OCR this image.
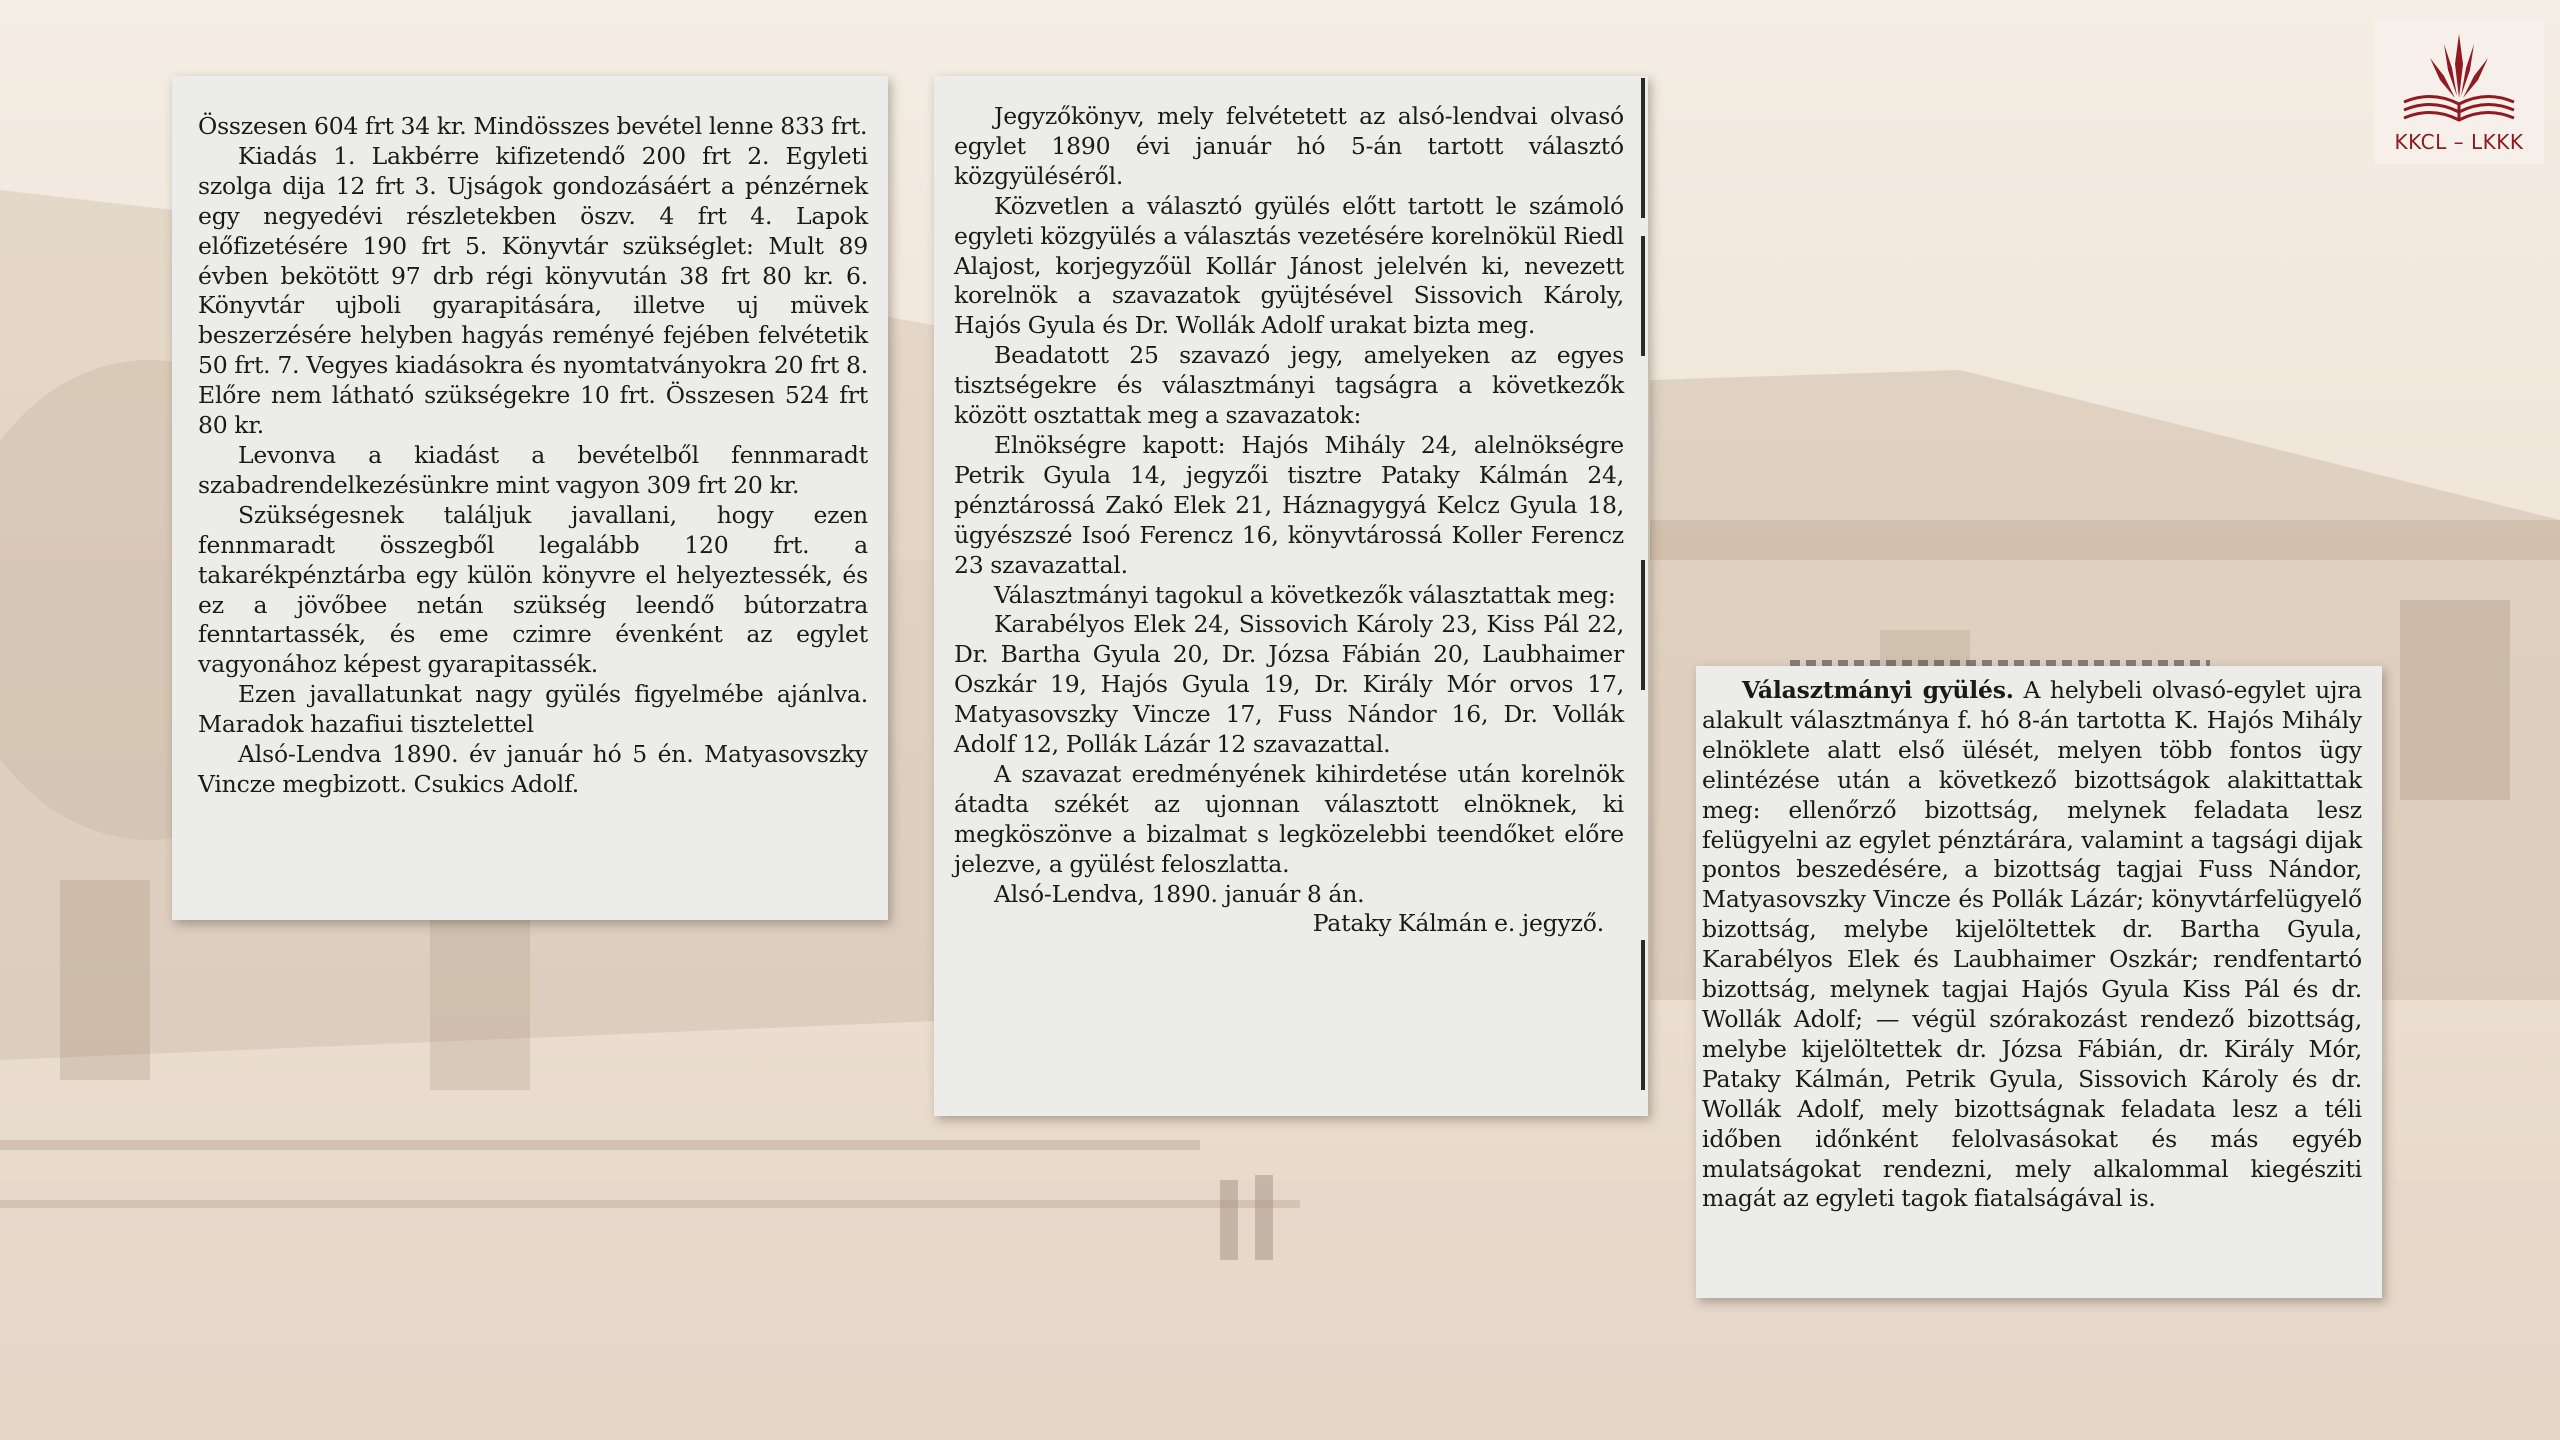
Összesen 604 frt 34 kr. Mindösszes bevétel lenne 833 frt.

Kiadás 1. Lakbérre kifizetendő 200 frt 2. Egyleti szolga dija 12 frt 3. Ujságok gondozásáért a pénzérnek egy negyedévi részletekben öszv. 4 frt 4. Lapok előfizetésére 190 frt 5. Könyvtár szükséglet: Mult 89 évben bekötött 97 drb régi könyvután 38 frt 80 kr. 6. Könyvtár ujboli gyarapitására, illetve uj müvek beszerzésére helyben hagyás reményé fejében felvétetik 50 frt. 7. Vegyes kiadásokra és nyomtatványokra 20 frt 8. Előre nem látható szükségekre 10 frt. Összesen 524 frt 80 kr.

Levonva a kiadást a bevételből fennmaradt szabadrendelkezésünkre mint vagyon 309 frt 20 kr.

Szükségesnek találjuk javallani, hogy ezen fennmaradt összegből legalább 120 frt. a takarékpénztárba egy külön könyvre el helyeztessék, és ez a jövőbee netán szükség leendő bútorzatra fenntartassék, és eme czimre évenként az egylet vagyonához képest gyarapitassék.

Ezen javallatunkat nagy gyülés figyelmébe ajánlva. Maradok hazafiui tisztelettel

Alsó-Lendva 1890. év január hó 5 én. Matyasovszky Vincze megbizott. Csukics Adolf.

Jegyzőkönyv, mely felvétetett az alsó-lendvai olvasó egylet 1890 évi január hó 5-án tartott választó közgyüléséről.

Közvetlen a választó gyülés előtt tartott le számoló egyleti közgyülés a választás vezetésére korelnökül Riedl Alajost, korjegyzőül Kollár Jánost jelelvén ki, nevezett korelnök a szavazatok gyüjtésével Sissovich Károly, Hajós Gyula és Dr. Wollák Adolf urakat bizta meg.

Beadatott 25 szavazó jegy, amelyeken az egyes tisztségekre és választmányi tagságra a következők között osztattak meg a szavazatok:

Elnökségre kapott: Hajós Mihály 24, alelnökségre Petrik Gyula 14, jegyzői tisztre Pataky Kálmán 24, pénztárossá Zakó Elek 21, Háznagygyá Kelcz Gyula 18, ügyészszé Isoó Ferencz 16, könyvtárossá Koller Ferencz 23 szavazattal.

Választmányi tagokul a következők választattak meg:

Karabélyos Elek 24, Sissovich Károly 23, Kiss Pál 22, Dr. Bartha Gyula 20, Dr. Józsa Fábián 20, Laubhaimer Oszkár 19, Hajós Gyula 19, Dr. Király Mór orvos 17, Matyasovszky Vincze 17, Fuss Nándor 16, Dr. Vollák Adolf 12, Pollák Lázár 12 szavazattal.

A szavazat eredményének kihirdetése után korelnök átadta székét az ujonnan választott elnöknek, ki megköszönve a bizalmat s legközelebbi teendőket előre jelezve, a gyülést feloszlatta.

Alsó-Lendva, 1890. január 8 án.

Pataky Kálmán e. jegyző.

Választmányi gyülés. A helybeli olvasó-egylet ujra alakult választmánya f. hó 8-án tartotta K. Hajós Mihály elnöklete alatt első ülését, melyen több fontos ügy elintézése után a következő bizottságok alakittattak meg: ellenőrző bizottság, melynek feladata lesz felügyelni az egylet pénztárára, valamint a tagsági dijak pontos beszedésére, a bizottság tagjai Fuss Nándor, Matyasovszky Vincze és Pollák Lázár; könyvtárfelügyelő bizottság, melybe kijelöltettek dr. Bartha Gyula, Karabélyos Elek és Laubhaimer Oszkár; rendfentartó bizottság, melynek tagjai Hajós Gyula Kiss Pál és dr. Wollák Adolf; — végül szórakozást rendező bizottság, melybe kijelöltettek dr. Józsa Fábián, dr. Király Mór, Pataky Kálmán, Petrik Gyula, Sissovich Károly és dr. Wollák Adolf, mely bizottságnak feladata lesz a téli időben időnként felolvasásokat és más egyéb mulatságokat rendezni, mely alkalommal kiegésziti magát az egyleti tagok fiatalságával is.

KKCL – LKKK
